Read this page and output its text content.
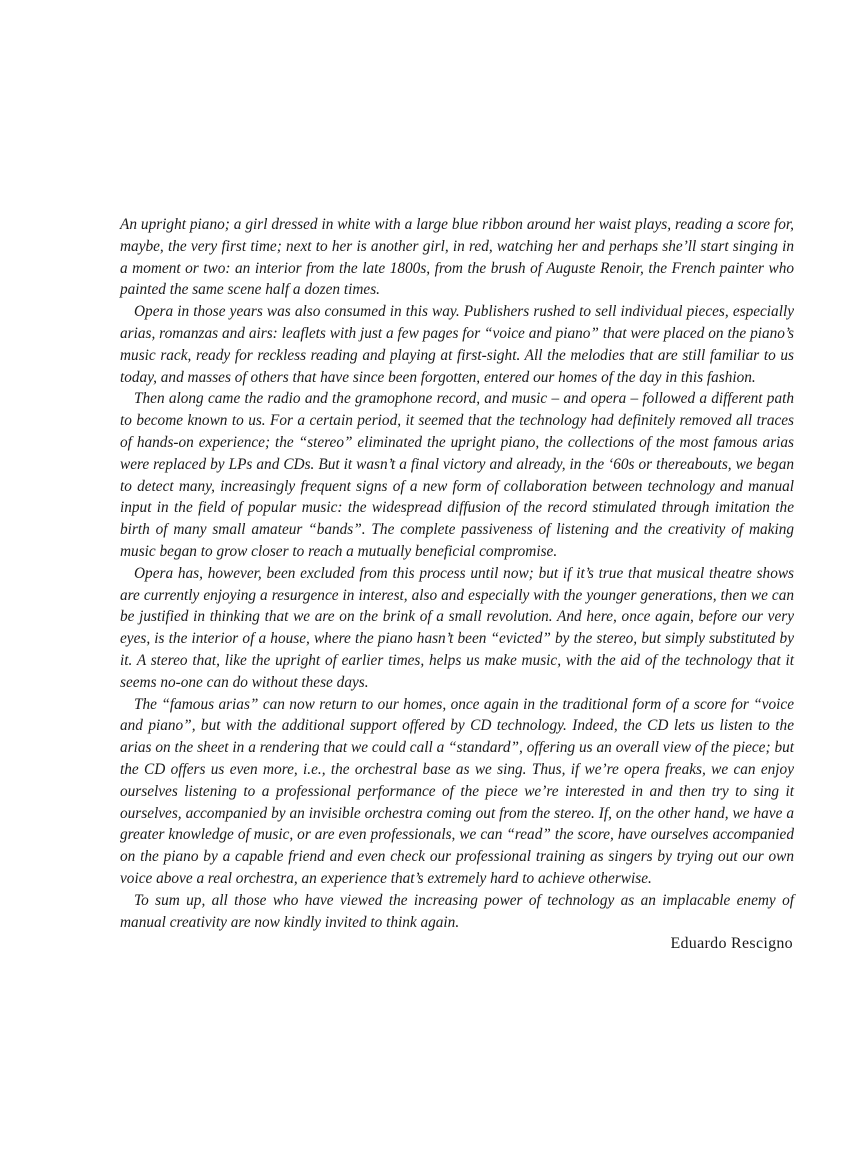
An upright piano; a girl dressed in white with a large blue ribbon around her waist plays, reading a score for, maybe, the very first time; next to her is another girl, in red, watching her and perhaps she’ll start singing in a moment or two: an interior from the late 1800s, from the brush of Auguste Renoir, the French painter who painted the same scene half a dozen times.

Opera in those years was also consumed in this way. Publishers rushed to sell individual pieces, especially arias, romanzas and airs: leaflets with just a few pages for “voice and piano” that were placed on the piano’s music rack, ready for reckless reading and playing at first-sight. All the melodies that are still familiar to us today, and masses of others that have since been forgotten, entered our homes of the day in this fashion.

Then along came the radio and the gramophone record, and music – and opera – followed a different path to become known to us. For a certain period, it seemed that the technology had definitely removed all traces of hands-on experience; the “stereo” eliminated the upright piano, the collections of the most famous arias were replaced by LPs and CDs. But it wasn’t a final victory and already, in the ‘60s or thereabouts, we began to detect many, increasingly frequent signs of a new form of collaboration between technology and manual input in the field of popular music: the widespread diffusion of the record stimulated through imitation the birth of many small amateur “bands”. The complete passiveness of listening and the creativity of making music began to grow closer to reach a mutually beneficial compromise.

Opera has, however, been excluded from this process until now; but if it’s true that musical theatre shows are currently enjoying a resurgence in interest, also and especially with the younger generations, then we can be justified in thinking that we are on the brink of a small revolution. And here, once again, before our very eyes, is the interior of a house, where the piano hasn’t been “evicted” by the stereo, but simply substituted by it. A stereo that, like the upright of earlier times, helps us make music, with the aid of the technology that it seems no-one can do without these days.

The “famous arias” can now return to our homes, once again in the traditional form of a score for “voice and piano”, but with the additional support offered by CD technology. Indeed, the CD lets us listen to the arias on the sheet in a rendering that we could call a “standard”, offering us an overall view of the piece; but the CD offers us even more, i.e., the orchestral base as we sing. Thus, if we’re opera freaks, we can enjoy ourselves listening to a professional performance of the piece we’re interested in and then try to sing it ourselves, accompanied by an invisible orchestra coming out from the stereo. If, on the other hand, we have a greater knowledge of music, or are even professionals, we can “read” the score, have ourselves accompanied on the piano by a capable friend and even check our professional training as singers by trying out our own voice above a real orchestra, an experience that’s extremely hard to achieve otherwise.

To sum up, all those who have viewed the increasing power of technology as an implacable enemy of manual creativity are now kindly invited to think again.

Eduardo Rescigno
